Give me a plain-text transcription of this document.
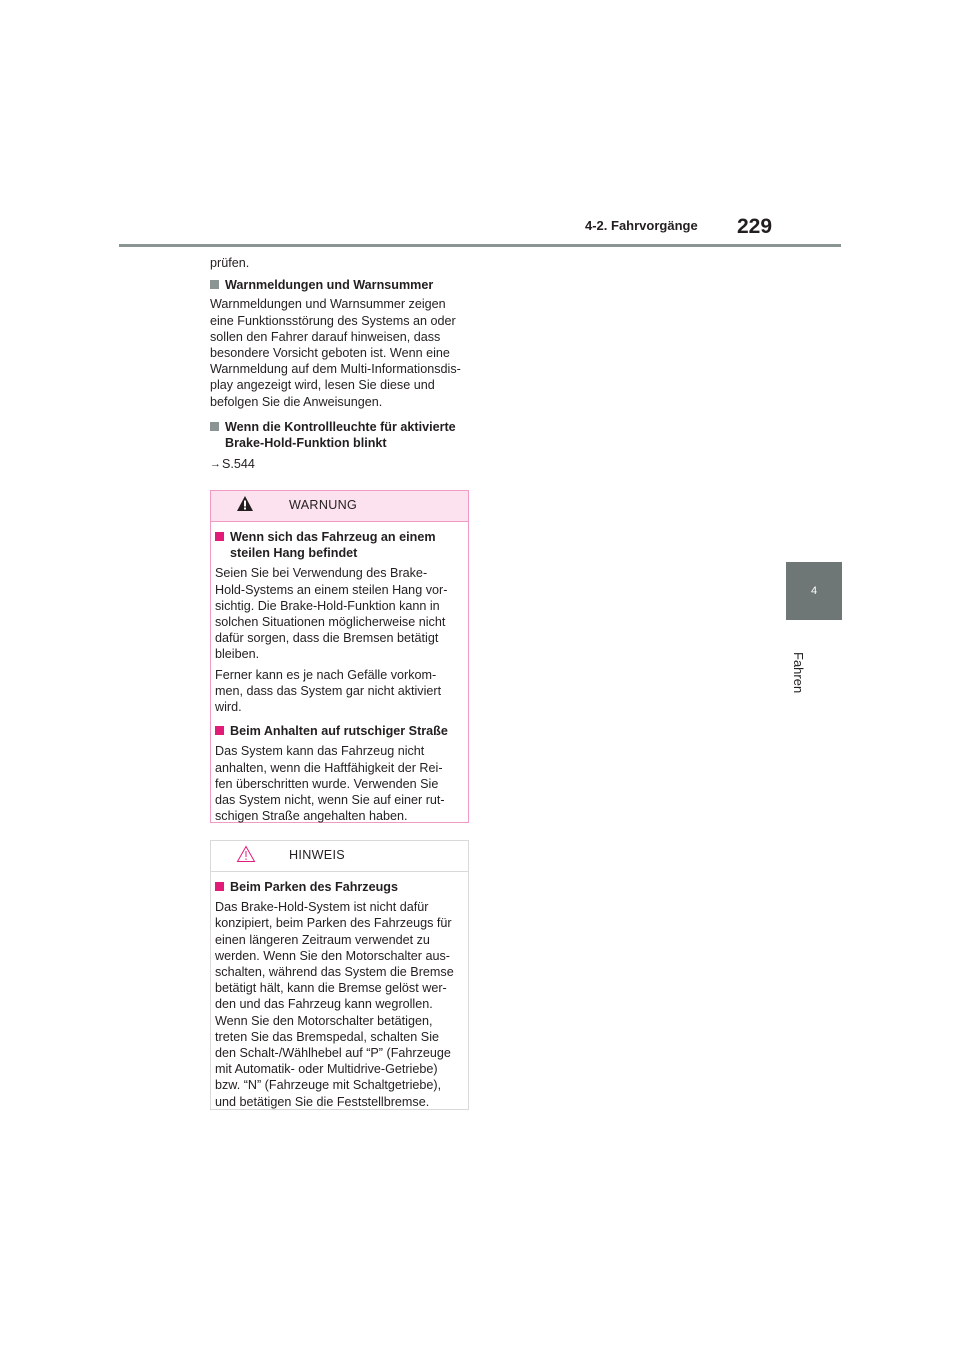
4-2. Fahrvorgänge 229
4
Fahren

prüfen.

Warnmeldungen und Warnsummer

Warnmeldungen und Warnsummer zeigen

eine Funktionsstörung des Systems an oder

sollen den Fahrer darauf hinweisen, dass

besondere Vorsicht geboten ist. Wenn eine

Warnmeldung auf dem Multi-Informationsdis-

play angezeigt wird, lesen Sie diese und

befolgen Sie die Anweisungen.

Wenn die Kontrollleuchte für aktivierte

Brake-Hold-Funktion blinkt

→ S.544
WARNUNG

Wenn sich das Fahrzeug an einem

steilen Hang befindet

Seien Sie bei Verwendung des Brake-

Hold-Systems an einem steilen Hang vor-

sichtig. Die Brake-Hold-Funktion kann in

solchen Situationen möglicherweise nicht

dafür sorgen, dass die Bremsen betätigt

bleiben.

Ferner kann es je nach Gefälle vorkom-

men, dass das System gar nicht aktiviert

wird.

Beim Anhalten auf rutschiger Straße

Das System kann das Fahrzeug nicht

anhalten, wenn die Haftfähigkeit der Rei-

fen überschritten wurde. Verwenden Sie

das System nicht, wenn Sie auf einer rut-

schigen Straße angehalten haben.

HINWEIS

Beim Parken des Fahrzeugs

Das Brake-Hold-System ist nicht dafür

konzipiert, beim Parken des Fahrzeugs für

einen längeren Zeitraum verwendet zu

werden. Wenn Sie den Motorschalter aus-

schalten, während das System die Bremse

betätigt hält, kann die Bremse gelöst wer-

den und das Fahrzeug kann wegrollen.

Wenn Sie den Motorschalter betätigen,

treten Sie das Bremspedal, schalten Sie

den Schalt-/Wählhebel auf “P” (Fahrzeuge

mit Automatik- oder Multidrive-Getriebe)

bzw. “N” (Fahrzeuge mit Schaltgetriebe),

und betätigen Sie die Feststellbremse.
